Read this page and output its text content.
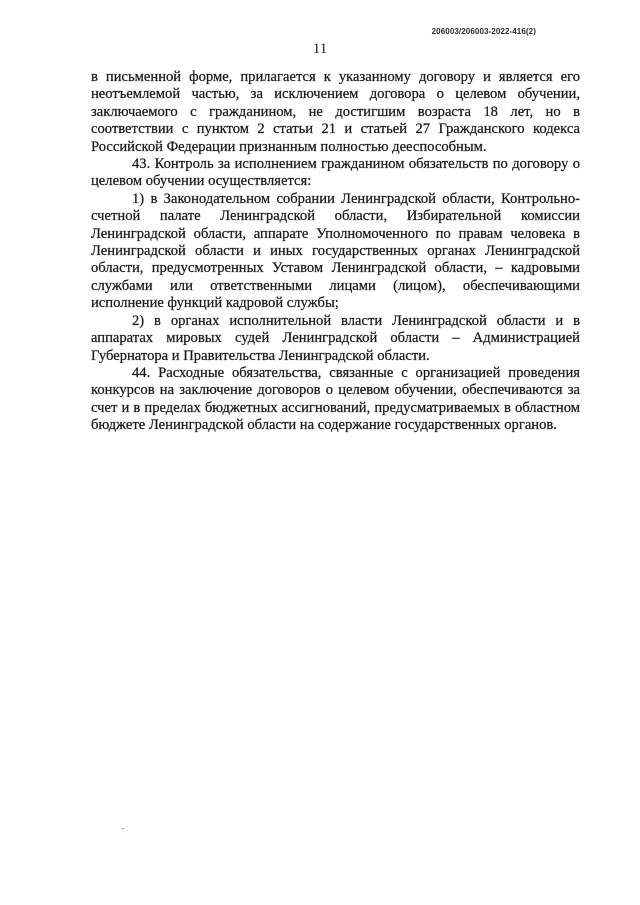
206003/206003-2022-416(2)
11

в письменной форме, прилагается к указанному договору и является его неотъемлемой частью, за исключением договора о целевом обучении, заключаемого с гражданином, не достигшим возраста 18 лет, но в соответствии с пунктом 2 статьи 21 и статьей 27 Гражданского кодекса Российской Федерации признанным полностью дееспособным.

43. Контроль за исполнением гражданином обязательств по договору о целевом обучении осуществляется:

1) в Законодательном собрании Ленинградской области, Контрольно-счетной палате Ленинградской области, Избирательной комиссии Ленинградской области, аппарате Уполномоченного по правам человека в Ленинградской области и иных государственных органах Ленинградской области, предусмотренных Уставом Ленинградской области, – кадровыми службами или ответственными лицами (лицом), обеспечивающими исполнение функций кадровой службы;

2) в органах исполнительной власти Ленинградской области и в аппаратах мировых судей Ленинградской области – Администрацией Губернатора и Правительства Ленинградской области.

44. Расходные обязательства, связанные с организацией проведения конкурсов на заключение договоров о целевом обучении, обеспечиваются за счет и в пределах бюджетных ассигнований, предусматриваемых в областном бюджете Ленинградской области на содержание государственных органов.
